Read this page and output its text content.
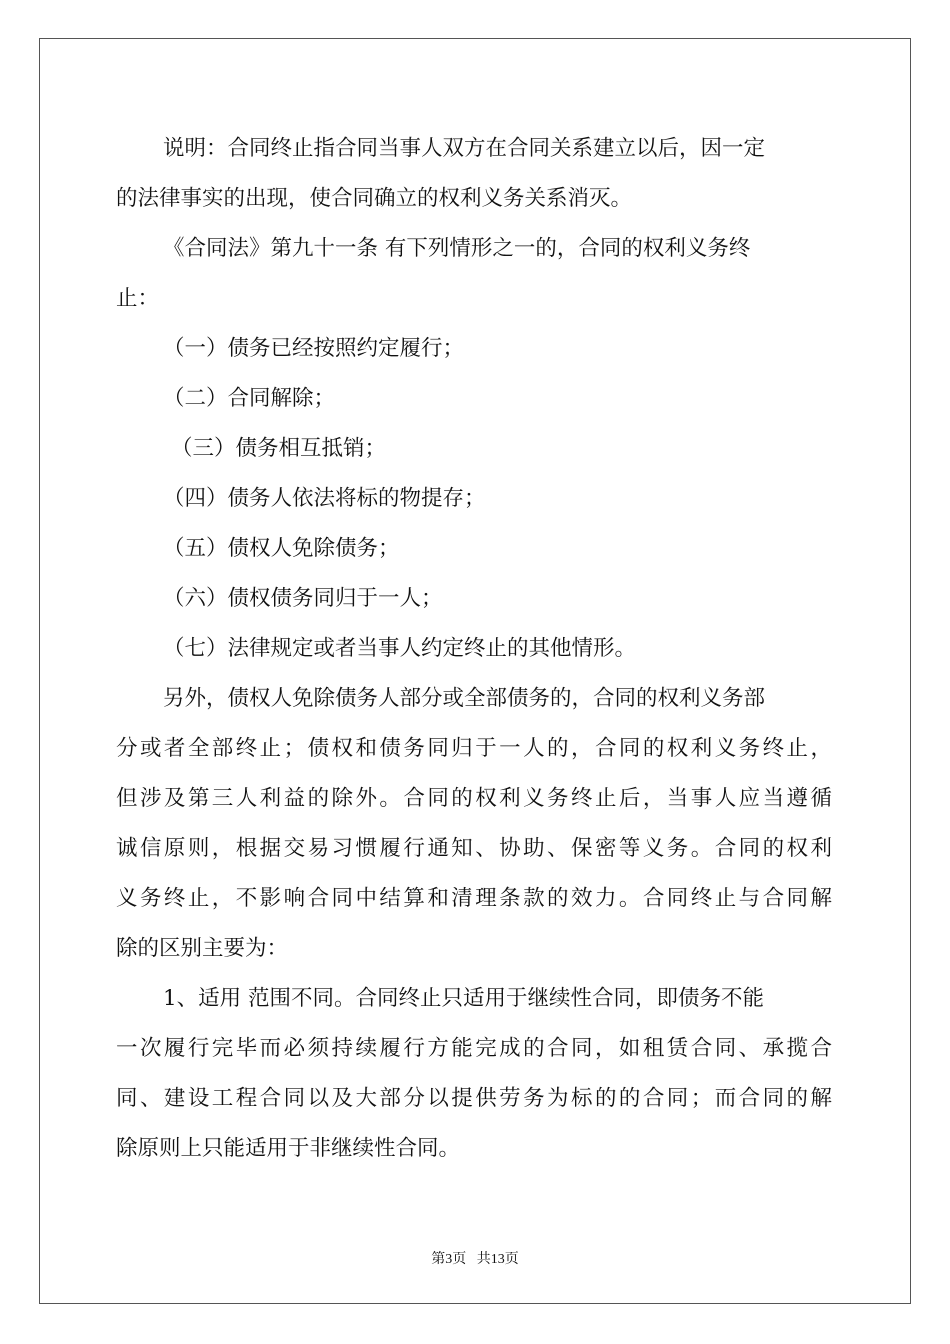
说明：合同终止指合同当事人双方在合同关系建立以后，因一定
的法律事实的出现，使合同确立的权利义务关系消灭。
《合同法》第九十一条 有下列情形之一的，合同的权利义务终
止：
（一）债务已经按照约定履行；
（二）合同解除；
（三）债务相互抵销；
（四）债务人依法将标的物提存；
（五）债权人免除债务；
（六）债权债务同归于一人；
（七）法律规定或者当事人约定终止的其他情形。
另外，债权人免除债务人部分或全部债务的，合同的权利义务部
分或者全部终止；债权和债务同归于一人的，合同的权利义务终止，
但涉及第三人利益的除外。合同的权利义务终止后，当事人应当遵循
诚信原则，根据交易习惯履行通知、协助、保密等义务。合同的权利
义务终止，不影响合同中结算和清理条款的效力。合同终止与合同解
除的区别主要为：
1、适用 范围不同。合同终止只适用于继续性合同，即债务不能
一次履行完毕而必须持续履行方能完成的合同，如租赁合同、承揽合
同、建设工程合同以及大部分以提供劳务为标的的合同；而合同的解
除原则上只能适用于非继续性合同。
第3页 共13页
